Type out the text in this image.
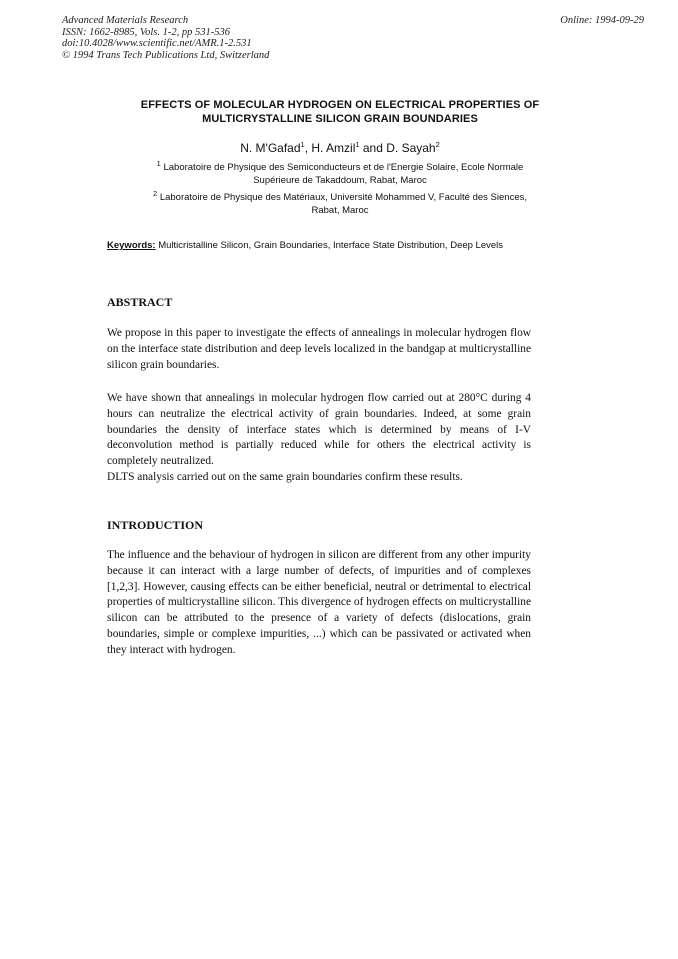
Advanced Materials Research
ISSN: 1662-8985, Vols. 1-2, pp 531-536
doi:10.4028/www.scientific.net/AMR.1-2.531
© 1994 Trans Tech Publications Ltd, Switzerland
Online: 1994-09-29
EFFECTS OF MOLECULAR HYDROGEN ON ELECTRICAL PROPERTIES OF
MULTICRYSTALLINE SILICON GRAIN BOUNDARIES
N. M'Gafad$^1$, H. Amzil$^1$ and D. Sayah$^2$
$^1$ Laboratoire de Physique des Semiconducteurs et de l'Energie Solaire, Ecole Normale
Supérieure de Takaddoum, Rabat, Maroc
$^2$ Laboratoire de Physique des Matériaux, Université Mohammed V, Faculté des Siences,
Rabat, Maroc
Keywords: Multicristalline Silicon, Grain Boundaries, Interface State Distribution, Deep Levels
ABSTRACT
We propose in this paper to investigate the effects of annealings in molecular hydrogen flow on the interface state distribution and deep levels localized in the bandgap at multicrystalline silicon grain boundaries.
We have shown that annealings in molecular hydrogen flow carried out at 280°C during 4 hours can neutralize the electrical activity of grain boundaries. Indeed, at some grain boundaries the density of interface states which is determined by means of I-V deconvolution method is partially reduced while for others the electrical activity is completely neutralized.
DLTS analysis carried out on the same grain boundaries confirm these results.
INTRODUCTION
The influence and the behaviour of hydrogen in silicon are different from any other impurity because it can interact with a large number of defects, of impurities and of complexes [1,2,3]. However, causing effects can be either beneficial, neutral or detrimental to electrical properties of multicrystalline silicon. This divergence of hydrogen effects on multicrystalline silicon can be attributed to the presence of a variety of defects (dislocations, grain boundaries, simple or complexe impurities, ...) which can be passivated or activated when they interact with hydrogen.
